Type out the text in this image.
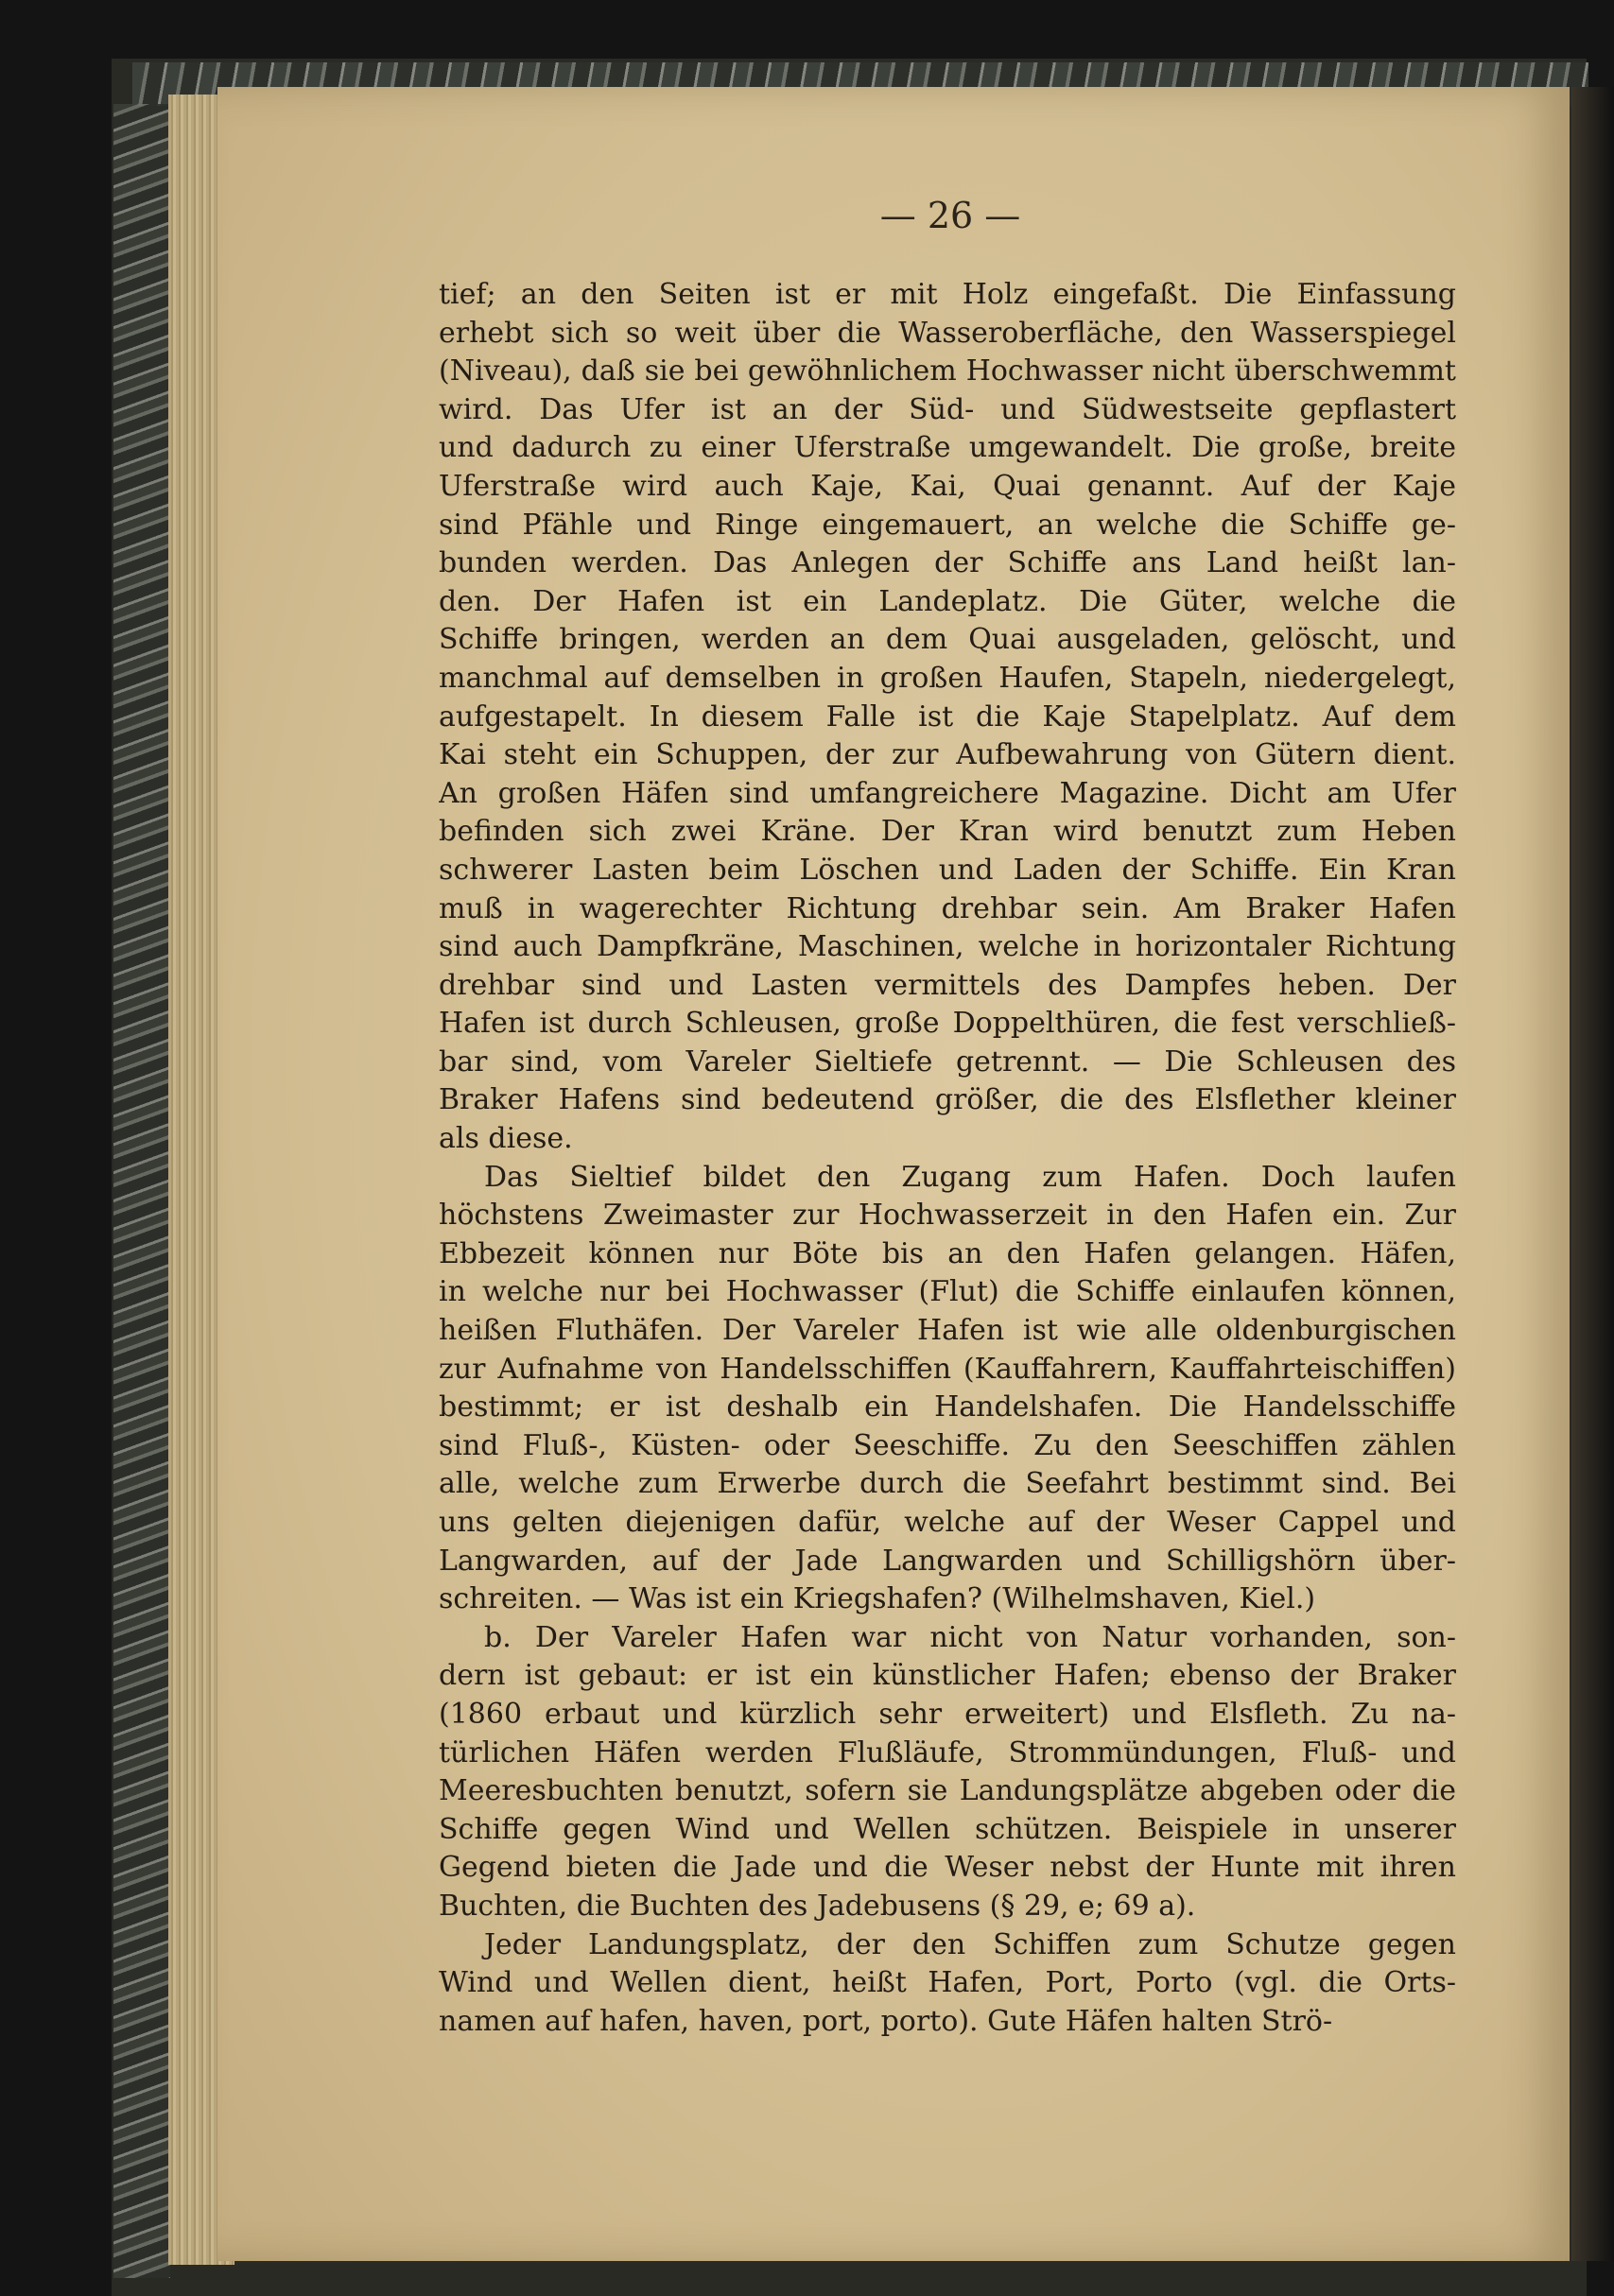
— 26 —
tief; an den Seiten ist er mit Holz eingefaßt. Die Einfassung
erhebt sich so weit über die Wasseroberfläche, den Wasserspiegel
(Niveau), daß sie bei gewöhnlichem Hochwasser nicht überschwemmt
wird. Das Ufer ist an der Süd- und Südwestseite gepflastert
und dadurch zu einer Uferstraße umgewandelt. Die große, breite
Uferstraße wird auch Kaje, Kai, Quai genannt. Auf der Kaje
sind Pfähle und Ringe eingemauert, an welche die Schiffe ge-
bunden werden. Das Anlegen der Schiffe ans Land heißt lan-
den. Der Hafen ist ein Landeplatz. Die Güter, welche die
Schiffe bringen, werden an dem Quai ausgeladen, gelöscht, und
manchmal auf demselben in großen Haufen, Stapeln, niedergelegt,
aufgestapelt. In diesem Falle ist die Kaje Stapelplatz. Auf dem
Kai steht ein Schuppen, der zur Aufbewahrung von Gütern dient.
An großen Häfen sind umfangreichere Magazine. Dicht am Ufer
befinden sich zwei Kräne. Der Kran wird benutzt zum Heben
schwerer Lasten beim Löschen und Laden der Schiffe. Ein Kran
muß in wagerechter Richtung drehbar sein. Am Braker Hafen
sind auch Dampfkräne, Maschinen, welche in horizontaler Richtung
drehbar sind und Lasten vermittels des Dampfes heben. Der
Hafen ist durch Schleusen, große Doppelthüren, die fest verschließ-
bar sind, vom Vareler Sieltiefe getrennt. — Die Schleusen des
Braker Hafens sind bedeutend größer, die des Elsflether kleiner
als diese.
Das Sieltief bildet den Zugang zum Hafen. Doch laufen
höchstens Zweimaster zur Hochwasserzeit in den Hafen ein. Zur
Ebbezeit können nur Böte bis an den Hafen gelangen. Häfen,
in welche nur bei Hochwasser (Flut) die Schiffe einlaufen können,
heißen Fluthäfen. Der Vareler Hafen ist wie alle oldenburgischen
zur Aufnahme von Handelsschiffen (Kauffahrern, Kauffahrteischiffen)
bestimmt; er ist deshalb ein Handelshafen. Die Handelsschiffe
sind Fluß-, Küsten- oder Seeschiffe. Zu den Seeschiffen zählen
alle, welche zum Erwerbe durch die Seefahrt bestimmt sind. Bei
uns gelten diejenigen dafür, welche auf der Weser Cappel und
Langwarden, auf der Jade Langwarden und Schilligshörn über-
schreiten. — Was ist ein Kriegshafen? (Wilhelmshaven, Kiel.)
b. Der Vareler Hafen war nicht von Natur vorhanden, son-
dern ist gebaut: er ist ein künstlicher Hafen; ebenso der Braker
(1860 erbaut und kürzlich sehr erweitert) und Elsfleth. Zu na-
türlichen Häfen werden Flußläufe, Strommündungen, Fluß- und
Meeresbuchten benutzt, sofern sie Landungsplätze abgeben oder die
Schiffe gegen Wind und Wellen schützen. Beispiele in unserer
Gegend bieten die Jade und die Weser nebst der Hunte mit ihren
Buchten, die Buchten des Jadebusens (§ 29, e; 69 a).
Jeder Landungsplatz, der den Schiffen zum Schutze gegen
Wind und Wellen dient, heißt Hafen, Port, Porto (vgl. die Orts-
namen auf hafen, haven, port, porto). Gute Häfen halten Strö-
